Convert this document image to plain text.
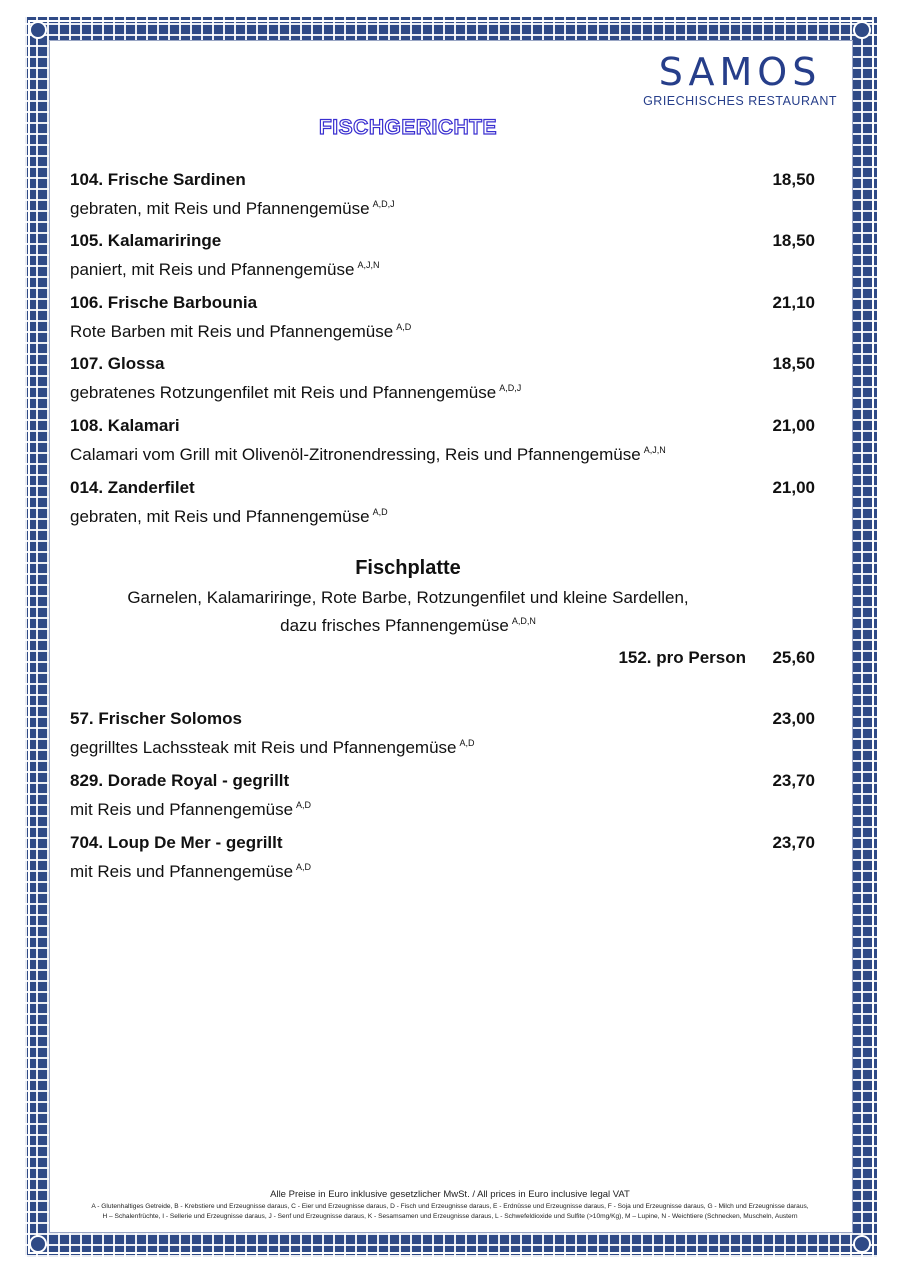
SAMOS
GRIECHISCHES RESTAURANT
FISCHGERICHTE
104. Frische Sardinen	18,50
gebraten, mit Reis und Pfannengemüse $^{A,D,J}$
105. Kalamariringe	18,50
paniert, mit Reis und Pfannengemüse $^{A,J,N}$
106. Frische Barbounia	21,10
Rote Barben mit Reis und Pfannengemüse $^{A,D}$
107. Glossa	18,50
gebratenes Rotzungenfilet mit Reis und Pfannengemüse $^{A,D,J}$
108. Kalamari	21,00
Calamari vom Grill mit Olivenöl-Zitronendressing, Reis und Pfannengemüse $^{A,J,N}$
014. Zanderfilet	21,00
gebraten, mit Reis und Pfannengemüse $^{A,D}$
Fischplatte
Garnelen, Kalamariringe, Rote Barbe, Rotzungenfilet und kleine Sardellen,
dazu frisches Pfannengemüse $^{A,D,N}$
152. pro Person 25,60
57. Frischer Solomos	23,00
gegrilltes Lachssteak mit Reis und Pfannengemüse $^{A,D}$
829. Dorade Royal - gegrillt	23,70
mit Reis und Pfannengemüse $^{A,D}$
704. Loup De Mer - gegrillt	23,70
mit Reis und Pfannengemüse $^{A,D}$
Alle Preise in Euro inklusive gesetzlicher MwSt. / All prices in Euro inclusive legal VAT
A - Glutenhaltiges Getreide, B - Krebstiere und Erzeugnisse daraus, C - Eier und Erzeugnisse daraus, D - Fisch und Erzeugnisse daraus, E - Erdnüsse und Erzeugnisse daraus, F - Soja und Erzeugnisse daraus, G - Milch und Erzeugnisse daraus,
H – Schalenfrüchte, I - Sellerie und Erzeugnisse daraus, J - Senf und Erzeugnisse daraus, K - Sesamsamen und Erzeugnisse daraus, L - Schwefeldioxide und Sulfite (>10mg/Kg), M – Lupine, N - Weichtiere (Schnecken, Muscheln, Austern
